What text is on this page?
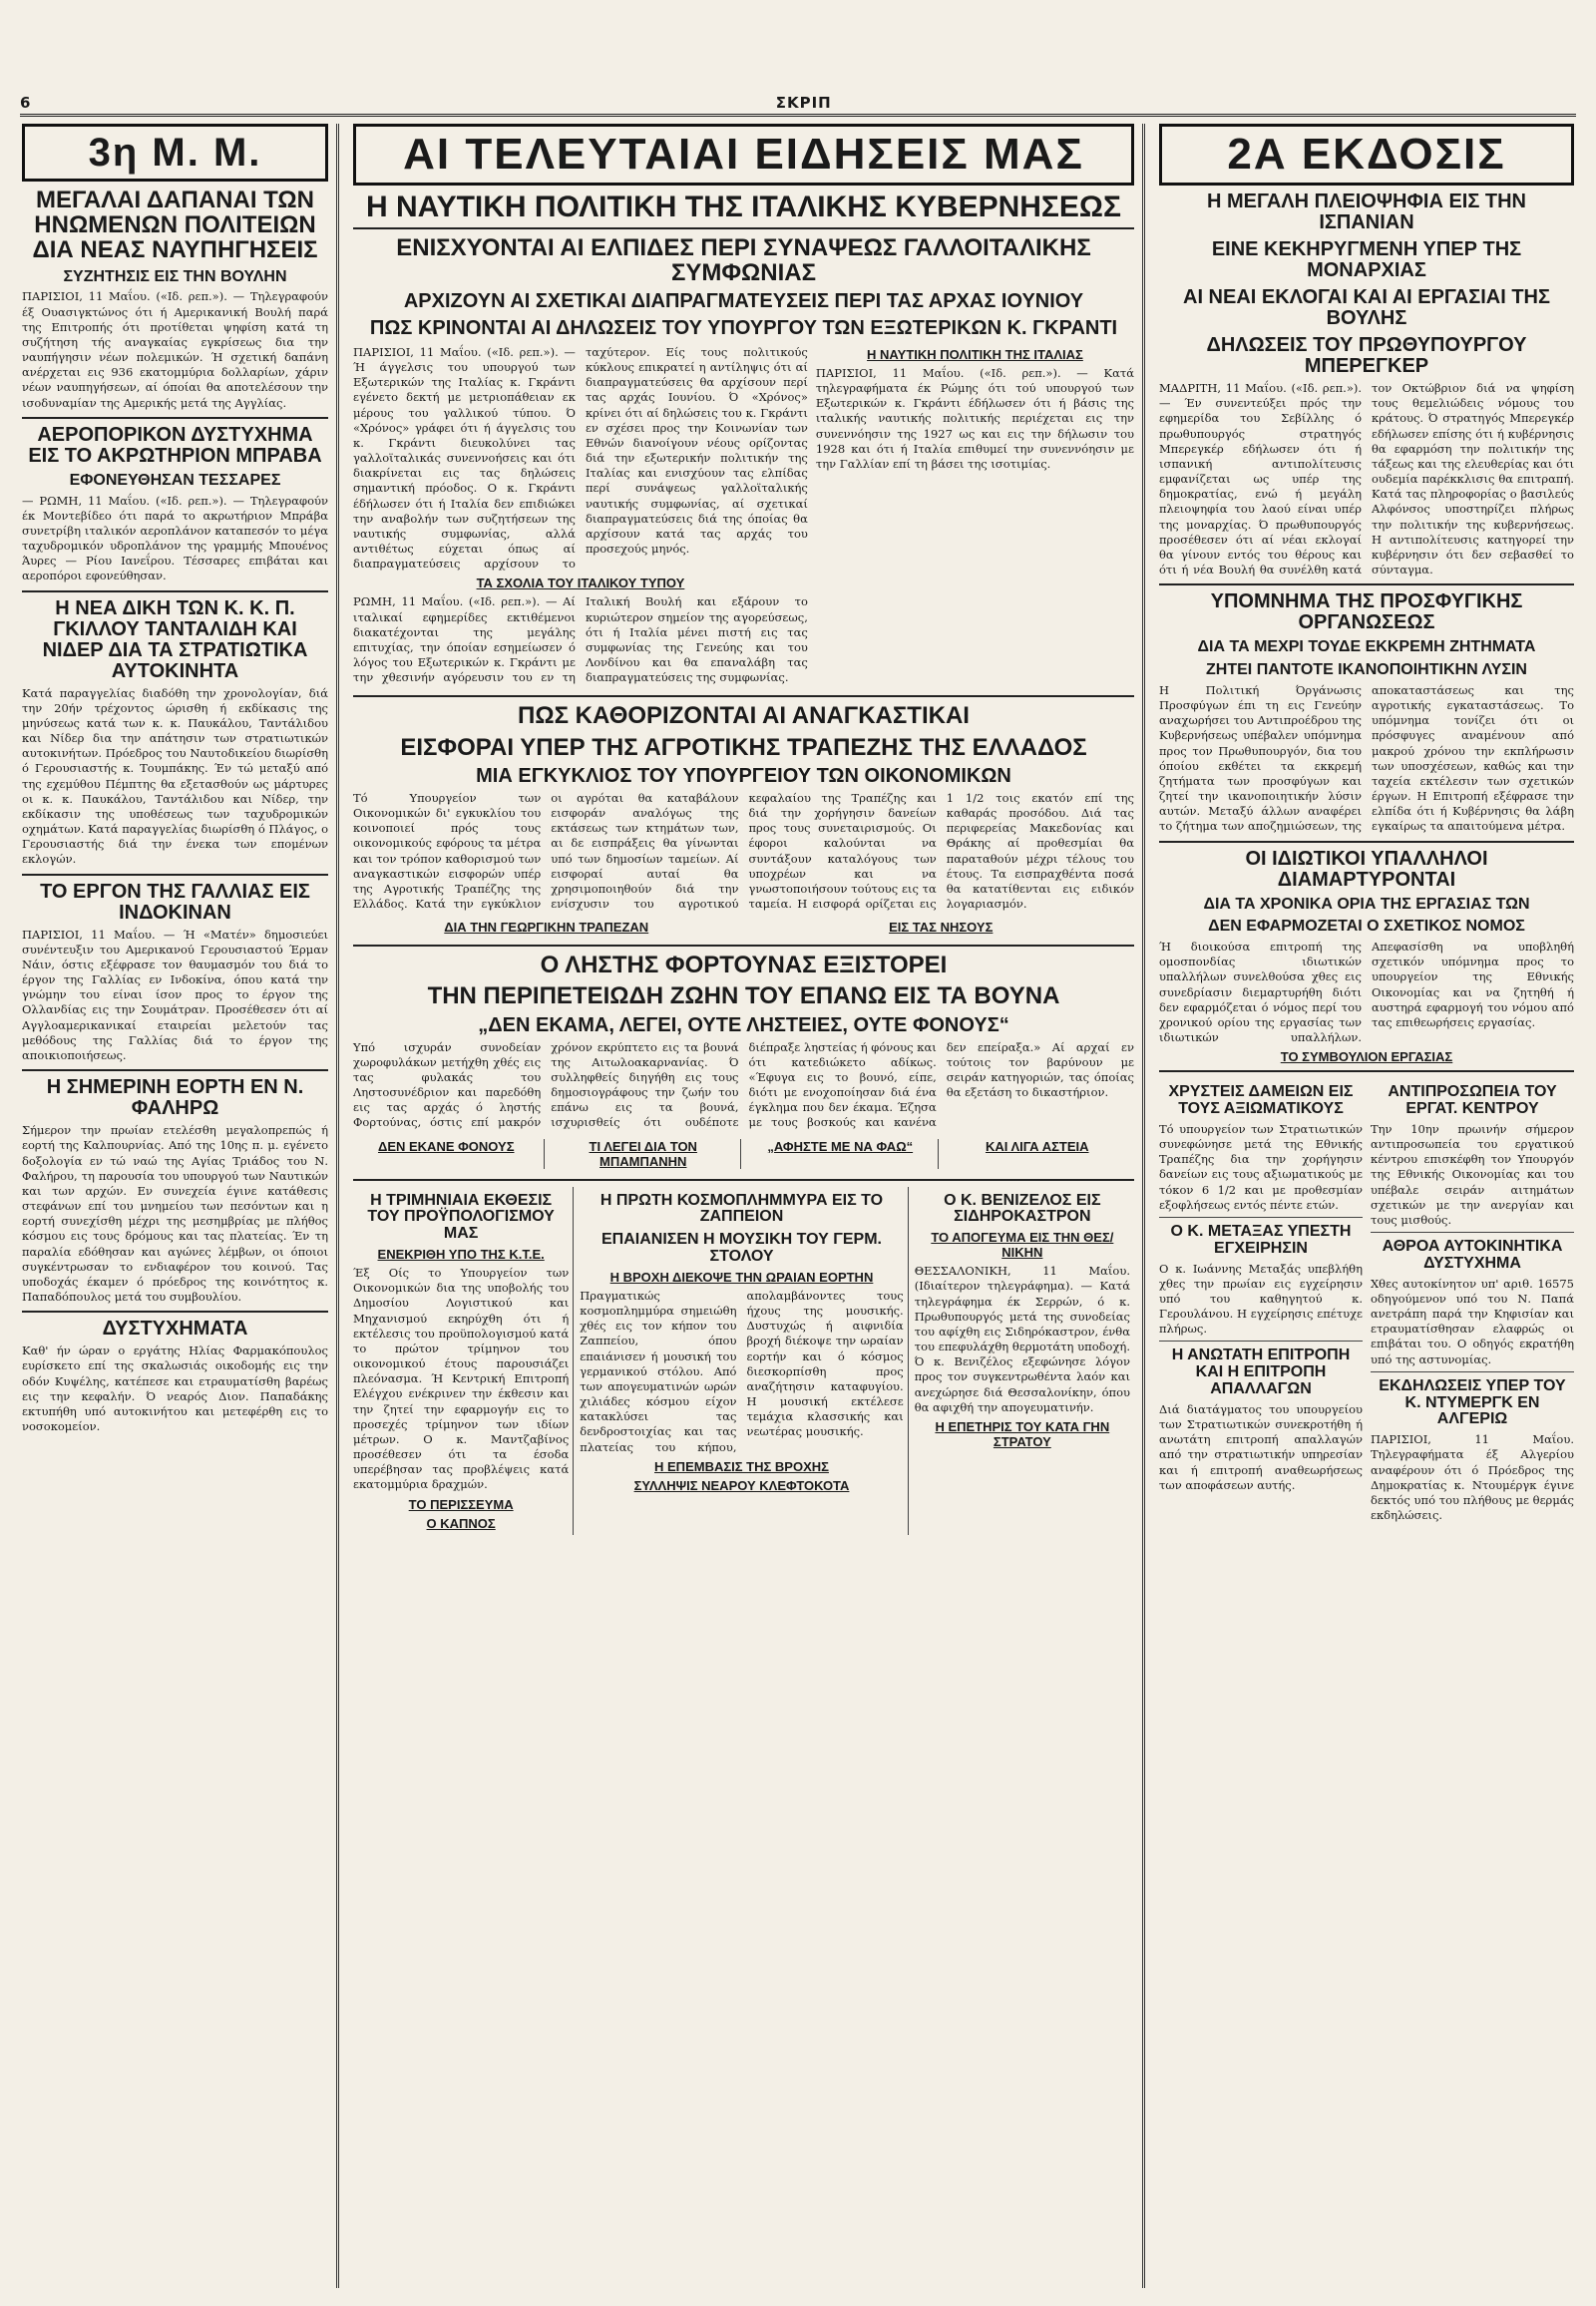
6	ΣΚΡΙΠ
3η Μ. Μ.
ΜΕΓΑΛΑΙ ΔΑΠΑΝΑΙ ΤΩΝ ΗΝΩΜΕΝΩΝ ΠΟΛΙΤΕΙΩΝ ΔΙΑ ΝΕΑΣ ΝΑΥΠΗΓΗΣΕΙΣ
ΣΥΖΗΤΗΣΙΣ ΕΙΣ ΤΗΝ ΒΟΥΛΗΝ

ΠΑΡΙΣΙΟΙ, 11 Μαΐου. («Ιδ. ρεπ.»). — Τηλεγραφούν έξ Ουασιγκτώνος ότι ή Αμερικανική Βουλή παρά της Επιτροπής ότι προτίθεται ψηφίση κατά τη συζήτηση τής αναγκαίας εγκρίσεως δια την ναυπήγησιν νέων πολεμικών. Ή σχετική δαπάνη ανέρχεται εις 936 εκατομμύρια δολλαρίων, χάριν νέων ναυπηγήσεων, αί όποίαι θα αποτελέσουν την ισοδυναμίαν της Αμερικής μετά της Αγγλίας.

ΑΕΡΟΠΟΡΙΚΟΝ ΔΥΣΤΥΧΗΜΑ ΕΙΣ ΤΟ ΑΚΡΩΤΗΡΙΟΝ ΜΠΡΑΒΑ
ΕΦΟΝΕΥΘΗΣΑΝ ΤΕΣΣΑΡΕΣ

— ΡΩΜΗ, 11 Μαΐου. («Ιδ. ρεπ.»). — Τηλεγραφούν έκ Μοντεβίδεο ότι παρά το ακρωτήριον Μπράβα συνετρίβη ιταλικόν αεροπλάνον καταπεσόν το μέγα ταχυδρομικόν υδροπλάνον της γραμμής Μπουένος Άυρες — Ρίου Ιανεΐρου. Τέσσαρες επιβάται και αεροπόροι εφονεύθησαν.

Η ΝΕΑ ΔΙΚΗ ΤΩΝ Κ. Κ. Π. ΓΚΙΛΛΟΥ ΤΑΝΤΑΛΙΔΗ ΚΑΙ ΝΙΔΕΡ ΔΙΑ ΤΑ ΣΤΡΑΤΙΩΤΙΚΑ ΑΥΤΟΚΙΝΗΤΑ

Κατά παραγγελίας διαδόθη την χρονολογίαν, διά την 20ήν τρέχοντος ώρισθη ή εκδίκασις της μηνύσεως κατά των κ. κ. Παυκάλου, Ταντάλιδου και Νίδερ δια την απάτησιν των στρατιωτικών αυτοκινήτων. Πρόεδρος του Ναυτοδικείου διωρίσθη ό Γερουσιαστής κ. Τουμπάκης. Έν τώ μεταξύ από της εχεμύθου Πέμπτης θα εξετασθούν ως μάρτυρες οι κ. κ. Παυκάλου, Ταντάλιδου και Νίδερ, την εκδίκασιν της υποθέσεως των ταχυδρομικών οχημάτων. Κατά παραγγελίας διωρίσθη ό Πλάγος, ο Γερουσιαστής διά την ένεκα των επομένων εκλογών.

ΤΟ ΕΡΓΟΝ ΤΗΣ ΓΑΛΛΙΑΣ ΕΙΣ ΙΝΔΟΚΙΝΑΝ

ΠΑΡΙΣΙΟΙ, 11 Μαΐου. — Ή «Ματέν» δημοσιεύει συνέντευξιν του Αμερικανού Γερουσιαστού Έρμαν Νάιν, όστις εξέφρασε τον θαυμασμόν του διά το έργον της Γαλλίας εν Ινδοκίνα, όπου κατά την γνώμην του είναι ίσον προς το έργον της Ολλανδίας εις την Σουμάτραν. Προσέθεσεν ότι αί Αγγλοαμερικανικαί εταιρείαι μελετούν τας μεθόδους της Γαλλίας διά το έργον της αποικιοποιήσεως.

Η ΣΗΜΕΡΙΝΗ ΕΟΡΤΗ ΕΝ Ν. ΦΑΛΗΡΩ

Σήμερον την πρωίαν ετελέσθη μεγαλοπρεπώς ή εορτή της Καλπουρνίας. Από της 10ης π. μ. εγένετο δοξολογία εν τώ ναώ της Αγίας Τριάδος του Ν. Φαλήρου, τη παρουσία του υπουργού των Ναυτικών και των αρχών. Εν συνεχεία έγινε κατάθεσις στεφάνων επί του μνημείου των πεσόντων και η εορτή συνεχίσθη μέχρι της μεσημβρίας με πλήθος κόσμου εις τους δρόμους και τας πλατείας. Έν τη παραλία εδόθησαν και αγώνες λέμβων, οι όποιοι συγκέντρωσαν το ενδιαφέρον του κοινού. Τας υποδοχάς έκαμεν ό πρόεδρος της κοινότητος κ. Παπαδόπουλος μετά του συμβουλίου.

ΔΥΣΤΥΧΗΜΑΤΑ

Καθ' ήν ώραν ο εργάτης Ηλίας Φαρμακόπουλος ευρίσκετο επί της σκαλωσιάς οικοδομής εις την οδόν Κυψέλης, κατέπεσε και ετραυματίσθη βαρέως εις την κεφαλήν. Ό νεαρός Διον. Παπαδάκης εκτυπήθη υπό αυτοκινήτου και μετεφέρθη εις το νοσοκομείον.

ΑΙ ΤΕΛΕΥΤΑΙΑΙ ΕΙΔΗΣΕΙΣ ΜΑΣ
Η ΝΑΥΤΙΚΗ ΠΟΛΙΤΙΚΗ ΤΗΣ ΙΤΑΛΙΚΗΣ ΚΥΒΕΡΝΗΣΕΩΣ
ΕΝΙΣΧΥΟΝΤΑΙ ΑΙ ΕΛΠΙΔΕΣ ΠΕΡΙ ΣΥΝΑΨΕΩΣ ΓΑΛΛΟΙΤΑΛΙΚΗΣ ΣΥΜΦΩΝΙΑΣ
ΑΡΧΙΖΟΥΝ ΑΙ ΣΧΕΤΙΚΑΙ ΔΙΑΠΡΑΓΜΑΤΕΥΣΕΙΣ ΠΕΡΙ ΤΑΣ ΑΡΧΑΣ ΙΟΥΝΙΟΥ
ΠΩΣ ΚΡΙΝΟΝΤΑΙ ΑΙ ΔΗΛΩΣΕΙΣ ΤΟΥ ΥΠΟΥΡΓΟΥ ΤΩΝ ΕΞΩΤΕΡΙΚΩΝ Κ. ΓΚΡΑΝΤΙ

ΠΑΡΙΣΙΟΙ, 11 Μαΐου. («Ιδ. ρεπ.»). — Ή άγγελσις του υπουργού των Εξωτερικών της Ιταλίας κ. Γκράντι εγένετο δεκτή με μετριοπάθειαν εκ μέρους του γαλλικού τύπου. Ό «Χρόνος» γράφει ότι ή άγγελσις του κ. Γκράντι διευκολύνει τας γαλλοϊταλικάς συνεννοήσεις και ότι διακρίνεται εις τας δηλώσεις σημαντική πρόοδος. Ο κ. Γκράντι έδήλωσεν ότι ή Ιταλία δεν επιδιώκει την αναβολήν των συζητήσεων της ναυτικής συμφωνίας, αλλά αντιθέτως εύχεται όπως αί διαπραγματεύσεις αρχίσουν το ταχύτερον. Είς τους πολιτικούς κύκλους επικρατεί η αντίληψις ότι αί διαπραγματεύσεις θα αρχίσουν περί τας αρχάς Ιουνίου. Ό «Χρόνος» κρίνει ότι αί δηλώσεις του κ. Γκράντι εν σχέσει προς την Κοινωνίαν των Εθνών διανοίγουν νέους ορίζοντας διά την εξωτερικήν πολιτικήν της Ιταλίας και ενισχύουν τας ελπίδας περί συνάψεως γαλλοϊταλικής ναυτικής συμφωνίας, αί σχετικαί διαπραγματεύσεις διά της όποίας θα αρχίσουν κατά τας αρχάς του προσεχούς μηνός.

ΤΑ ΣΧΟΛΙΑ ΤΟΥ ΙΤΑΛΙΚΟΥ ΤΥΠΟΥ

ΡΩΜΗ, 11 Μαΐου. («Ιδ. ρεπ.»). — Αί ιταλικαί εφημερίδες εκτιθέμενοι διακατέχονται της μεγάλης επιτυχίας, την όποίαν εσημείωσεν ό λόγος του Εξωτερικών κ. Γκράντι με την χθεσινήν αγόρευσιν του εν τη Ιταλική Βουλή και εξάρουν το κυριώτερον σημείον της αγορεύσεως, ότι ή Ιταλία μένει πιστή εις τας συμφωνίας της Γενεύης και του Λονδίνου και θα επαναλάβη τας διαπραγματεύσεις της συμφωνίας.

Η ΝΑΥΤΙΚΗ ΠΟΛΙΤΙΚΗ ΤΗΣ ΙΤΑΛΙΑΣ

ΠΑΡΙΣΙΟΙ, 11 Μαΐου. («Ιδ. ρεπ.»). — Κατά τηλεγραφήματα έκ Ρώμης ότι τού υπουργού των Εξωτερικών κ. Γκράντι έδήλωσεν ότι ή βάσις της ιταλικής ναυτικής πολιτικής περιέχεται εις την συνεννόησιν της 1927 ως και εις την δήλωσιν του 1928 και ότι ή Ιταλία επιθυμεί την συνεννόησιν με την Γαλλίαν επί τη βάσει της ισοτιμίας.

ΠΩΣ ΚΑΘΟΡΙΖΟΝΤΑΙ ΑΙ ΑΝΑΓΚΑΣΤΙΚΑΙ
ΕΙΣΦΟΡΑΙ ΥΠΕΡ ΤΗΣ ΑΓΡΟΤΙΚΗΣ ΤΡΑΠΕΖΗΣ ΤΗΣ ΕΛΛΑΔΟΣ
ΜΙΑ ΕΓΚΥΚΛΙΟΣ ΤΟΥ ΥΠΟΥΡΓΕΙΟΥ ΤΩΝ ΟΙΚΟΝΟΜΙΚΩΝ

Τό Υπουργείον των Οικονομικών δι' εγκυκλίου του κοινοποιεί πρός τους οικονομικούς εφόρους τα μέτρα και τον τρόπον καθορισμού των αναγκαστικών εισφορών υπέρ της Αγροτικής Τραπέζης της Ελλάδος. Κατά την εγκύκλιον οι αγρόται θα καταβάλουν εισφοράν αναλόγως της εκτάσεως των κτημάτων των, αι δε εισπράξεις θα γίνωνται υπό των δημοσίων ταμείων. Αί εισφοραί αυταί θα χρησιμοποιηθούν διά την ενίσχυσιν του αγροτικού κεφαλαίου της Τραπέζης και διά την χορήγησιν δανείων προς τους συνεταιρισμούς. Οι έφοροι καλούνται να συντάξουν καταλόγους των υποχρέων και να γνωστοποιήσουν τούτους εις τα ταμεία. Η εισφορά ορίζεται εις 1 1/2 τοις εκατόν επί της καθαράς προσόδου. Διά τας περιφερείας Μακεδονίας και Θράκης αί προθεσμίαι θα παραταθούν μέχρι τέλους του έτους. Τα εισπραχθέντα ποσά θα κατατίθενται εις ειδικόν λογαριασμόν.

ΔΙΑ ΤΗΝ ΓΕΩΡΓΙΚΗΝ ΤΡΑΠΕΖΑΝ	ΕΙΣ ΤΑΣ ΝΗΣΟΥΣ
Ο ΛΗΣΤΗΣ ΦΟΡΤΟΥΝΑΣ ΕΞΙΣΤΟΡΕΙ
ΤΗΝ ΠΕΡΙΠΕΤΕΙΩΔΗ ΖΩΗΝ ΤΟΥ ΕΠΑΝΩ ΕΙΣ ΤΑ ΒΟΥΝΑ
„ΔΕΝ ΕΚΑΜΑ, ΛΕΓΕΙ, ΟΥΤΕ ΛΗΣΤΕΙΕΣ, ΟΥΤΕ ΦΟΝΟΥΣ“

Υπό ισχυράν συνοδείαν χωροφυλάκων μετήχθη χθές εις τας φυλακάς του Ληστοσυνέδριον και παρεδόθη εις τας αρχάς ό ληστής Φορτούνας, όστις επί μακρόν χρόνον εκρύπτετο εις τα βουνά της Αιτωλοακαρνανίας. Ό συλληφθείς διηγήθη εις τους δημοσιογράφους την ζωήν του επάνω εις τα βουνά, ισχυρισθείς ότι ουδέποτε διέπραξε ληστείας ή φόνους και ότι κατεδιώκετο αδίκως. «Έφυγα εις το βουνό, είπε, διότι με ενοχοποίησαν διά ένα έγκλημα που δεν έκαμα. Έζησα με τους βοσκούς και κανένα δεν επείραξα.» Αί αρχαί εν τούτοις τον βαρύνουν με σειράν κατηγοριών, τας όποίας θα εξετάση το δικαστήριον.

ΔΕΝ ΕΚΑΝΕ ΦΟΝΟΥΣ	ΤΙ ΛΕΓΕΙ ΔΙΑ ΤΟΝ ΜΠΑΜΠΑΝΗΝ
„ΑΦΗΣΤΕ ΜΕ ΝΑ ΦΑΩ“	ΚΑΙ ΛΙΓΑ ΑΣΤΕΙΑ
Η ΤΡΙΜΗΝΙΑΙΑ ΕΚΘΕΣΙΣ ΤΟΥ ΠΡΟΫΠΟΛΟΓΙΣΜΟΥ ΜΑΣ
ΕΝΕΚΡΙΘΗ ΥΠΟ ΤΗΣ Κ.Τ.Ε.

Έξ Οίς το Υπουργείον των Οικονομικών δια της υποβολής του Δημοσίου Λογιστικού και Μηχανισμού εκηρύχθη ότι ή εκτέλεσις του προϋπολογισμού κατά το πρώτον τρίμηνον του οικονομικού έτους παρουσιάζει πλεόνασμα. Ή Κεντρική Επιτροπή Ελέγχου ενέκρινεν την έκθεσιν και την ζητεί την εφαρμογήν εις το προσεχές τρίμηνον των ιδίων μέτρων. Ο κ. Μαντζαβίνος προσέθεσεν ότι τα έσοδα υπερέβησαν τας προβλέψεις κατά εκατομμύρια δραχμών.

ΤΟ ΠΕΡΙΣΣΕΥΜΑ
Ο ΚΑΠΝΟΣ
Η ΠΡΩΤΗ ΚΟΣΜΟΠΛΗΜΜΥΡΑ ΕΙΣ ΤΟ ΖΑΠΠΕΙΟΝ
ΕΠΑΙΑΝΙΣΕΝ Η ΜΟΥΣΙΚΗ ΤΟΥ ΓΕΡΜ. ΣΤΟΛΟΥ
Η ΒΡΟΧΗ ΔΙΕΚΟΨΕ ΤΗΝ ΩΡΑΙΑΝ ΕΟΡΤΗΝ

Πραγματικώς κοσμοπλημμύρα σημειώθη χθές εις τον κήπον του Ζαππείου, όπου επαιάνισεν ή μουσική του γερμανικού στόλου. Από των απογευματινών ωρών χιλιάδες κόσμου είχον κατακλύσει τας δενδροστοιχίας και τας πλατείας του κήπου, απολαμβάνοντες τους ήχους της μουσικής. Δυστυχώς ή αιφνιδία βροχή διέκοψε την ωραίαν εορτήν και ό κόσμος διεσκορπίσθη προς αναζήτησιν καταφυγίου. Η μουσική εκτέλεσε τεμάχια κλασσικής και νεωτέρας μουσικής.

Η ΕΠΕΜΒΑΣΙΣ ΤΗΣ ΒΡΟΧΗΣ
ΣΥΛΛΗΨΙΣ ΝΕΑΡΟΥ ΚΛΕΦΤΟΚΟΤΑ
Ο Κ. ΒΕΝΙΖΕΛΟΣ ΕΙΣ ΣΙΔΗΡΟΚΑΣΤΡΟΝ
ΤΟ ΑΠΟΓΕΥΜΑ ΕΙΣ ΤΗΝ ΘΕΣ/ΝΙΚΗΝ

ΘΕΣΣΑΛΟΝΙΚΗ, 11 Μαΐου. (Ιδιαίτερον τηλεγράφημα). — Κατά τηλεγράφημα έκ Σερρών, ό κ. Πρωθυπουργός μετά της συνοδείας του αφίχθη εις Σιδηρόκαστρον, ένθα του επεφυλάχθη θερμοτάτη υποδοχή. Ό κ. Βενιζέλος εξεφώνησε λόγον προς τον συγκεντρωθέντα λαόν και ανεχώρησε διά Θεσσαλονίκην, όπου θα αφιχθή την απογευματινήν.

Η ΕΠΕΤΗΡΙΣ ΤΟΥ ΚΑΤΑ ΓΗΝ ΣΤΡΑΤΟΥ
2Α ΕΚΔΟΣΙΣ
Η ΜΕΓΑΛΗ ΠΛΕΙΟΨΗΦΙΑ ΕΙΣ ΤΗΝ ΙΣΠΑΝΙΑΝ
ΕΙΝΕ ΚΕΚΗΡΥΓΜΕΝΗ ΥΠΕΡ ΤΗΣ ΜΟΝΑΡΧΙΑΣ
ΑΙ ΝΕΑΙ ΕΚΛΟΓΑΙ ΚΑΙ ΑΙ ΕΡΓΑΣΙΑΙ ΤΗΣ ΒΟΥΛΗΣ
ΔΗΛΩΣΕΙΣ ΤΟΥ ΠΡΩΘΥΠΟΥΡΓΟΥ ΜΠΕΡΕΓΚΕΡ

ΜΑΔΡΙΤΗ, 11 Μαΐου. («Ιδ. ρεπ.»). — Έν συνεντεύξει πρός την εφημερίδα του Σεβίλλης ό πρωθυπουργός στρατηγός Μπερεγκέρ εδήλωσεν ότι ή ισπανική αντιπολίτευσις εμφανίζεται ως υπέρ της δημοκρατίας, ενώ ή μεγάλη πλειοψηφία του λαού είναι υπέρ της μοναρχίας. Ό πρωθυπουργός προσέθεσεν ότι αί νέαι εκλογαί θα γίνουν εντός του θέρους και ότι ή νέα Βουλή θα συνέλθη κατά τον Οκτώβριον διά να ψηφίση τους θεμελιώδεις νόμους του κράτους. Ό στρατηγός Μπερεγκέρ εδήλωσεν επίσης ότι ή κυβέρνησις θα εφαρμόση την πολιτικήν της τάξεως και της ελευθερίας και ότι ουδεμία παρέκκλισις θα επιτραπή. Κατά τας πληροφορίας ο βασιλεύς Αλφόνσος υποστηρίζει πλήρως την πολιτικήν της κυβερνήσεως. Η αντιπολίτευσις κατηγορεί την κυβέρνησιν ότι δεν σεβασθεί το σύνταγμα.

ΥΠΟΜΝΗΜΑ ΤΗΣ ΠΡΟΣΦΥΓΙΚΗΣ ΟΡΓΑΝΩΣΕΩΣ
ΔΙΑ ΤΑ ΜΕΧΡΙ ΤΟΥΔΕ ΕΚΚΡΕΜΗ ΖΗΤΗΜΑΤΑ
ΖΗΤΕΙ ΠΑΝΤΟΤΕ ΙΚΑΝΟΠΟΙΗΤΙΚΗΝ ΛΥΣΙΝ

Η Πολιτική Όργάνωσις Προσφύγων έπι τη εις Γενεύην αναχωρήσει του Αντιπροέδρου της Κυβερνήσεως υπέβαλεν υπόμνημα προς τον Πρωθυπουργόν, δια του όποίου εκθέτει τα εκκρεμή ζητήματα των προσφύγων και ζητεί την ικανοποιητικήν λύσιν αυτών. Μεταξύ άλλων αναφέρει το ζήτημα των αποζημιώσεων, της αποκαταστάσεως και της αγροτικής εγκαταστάσεως. Το υπόμνημα τονίζει ότι οι πρόσφυγες αναμένουν από μακρού χρόνου την εκπλήρωσιν των υποσχέσεων, καθώς και την ταχεία εκτέλεσιν των σχετικών έργων. Η Επιτροπή εξέφρασε την ελπίδα ότι ή Κυβέρνησις θα λάβη εγκαίρως τα απαιτούμενα μέτρα.

ΟΙ ΙΔΙΩΤΙΚΟΙ ΥΠΑΛΛΗΛΟΙ ΔΙΑΜΑΡΤΥΡΟΝΤΑΙ
ΔΙΑ ΤΑ ΧΡΟΝΙΚΑ ΟΡΙΑ ΤΗΣ ΕΡΓΑΣΙΑΣ ΤΩΝ
ΔΕΝ ΕΦΑΡΜΟΖΕΤΑΙ Ο ΣΧΕΤΙΚΟΣ ΝΟΜΟΣ

Ή διοικούσα επιτροπή της ομοσπονδίας ιδιωτικών υπαλλήλων συνελθούσα χθες εις συνεδρίασιν διεμαρτυρήθη διότι δεν εφαρμόζεται ό νόμος περί του χρονικού ορίου της εργασίας των ιδιωτικών υπαλλήλων. Απεφασίσθη να υποβληθή σχετικόν υπόμνημα προς το υπουργείον της Εθνικής Οικονομίας και να ζητηθή ή αυστηρά εφαρμογή του νόμου από τας επιθεωρήσεις εργασίας.

ΤΟ ΣΥΜΒΟΥΛΙΟΝ ΕΡΓΑΣΙΑΣ
ΧΡΥΣΤΕΙΣ ΔΑΜΕΙΩΝ ΕΙΣ ΤΟΥΣ ΑΞΙΩΜΑΤΙΚΟΥΣ

Τό υπουργείον των Στρατιωτικών συνεφώνησε μετά της Εθνικής Τραπέζης δια την χορήγησιν δανείων εις τους αξιωματικούς με τόκον 6 1/2 και με προθεσμίαν εξοφλήσεως εντός πέντε ετών.

Ο Κ. ΜΕΤΑΞΑΣ ΥΠΕΣΤΗ ΕΓΧΕΙΡΗΣΙΝ

Ο κ. Ιωάννης Μεταξάς υπεβλήθη χθες την πρωίαν εις εγχείρησιν υπό του καθηγητού κ. Γερουλάνου. Η εγχείρησις επέτυχε πλήρως.

Η ΑΝΩΤΑΤΗ ΕΠΙΤΡΟΠΗ ΚΑΙ Η ΕΠΙΤΡΟΠΗ ΑΠΑΛΛΑΓΩΝ

Διά διατάγματος του υπουργείου των Στρατιωτικών συνεκροτήθη ή ανωτάτη επιτροπή απαλλαγών από την στρατιωτικήν υπηρεσίαν και ή επιτροπή αναθεωρήσεως των αποφάσεων αυτής.

ΑΝΤΙΠΡΟΣΩΠΕΙΑ ΤΟΥ ΕΡΓΑΤ. ΚΕΝΤΡΟΥ

Την 10ην πρωινήν σήμερον αντιπροσωπεία του εργατικού κέντρου επισκέφθη τον Υπουργόν της Εθνικής Οικονομίας και του υπέβαλε σειράν αιτημάτων σχετικών με την ανεργίαν και τους μισθούς.

ΑΘΡΟΑ ΑΥΤΟΚΙΝΗΤΙΚΑ ΔΥΣΤΥΧΗΜΑ

Χθες αυτοκίνητον υπ' αριθ. 16575 οδηγούμενον υπό του Ν. Παπά ανετράπη παρά την Κηφισίαν και ετραυματίσθησαν ελαφρώς οι επιβάται του. Ο οδηγός εκρατήθη υπό της αστυνομίας.

ΕΚΔΗΛΩΣΕΙΣ ΥΠΕΡ ΤΟΥ Κ. ΝΤΥΜΕΡΓΚ ΕΝ ΑΛΓΕΡΙΩ

ΠΑΡΙΣΙΟΙ, 11 Μαΐου. Τηλεγραφήματα έξ Αλγερίου αναφέρουν ότι ό Πρόεδρος της Δημοκρατίας κ. Ντουμέργκ έγινε δεκτός υπό του πλήθους με θερμάς εκδηλώσεις.
